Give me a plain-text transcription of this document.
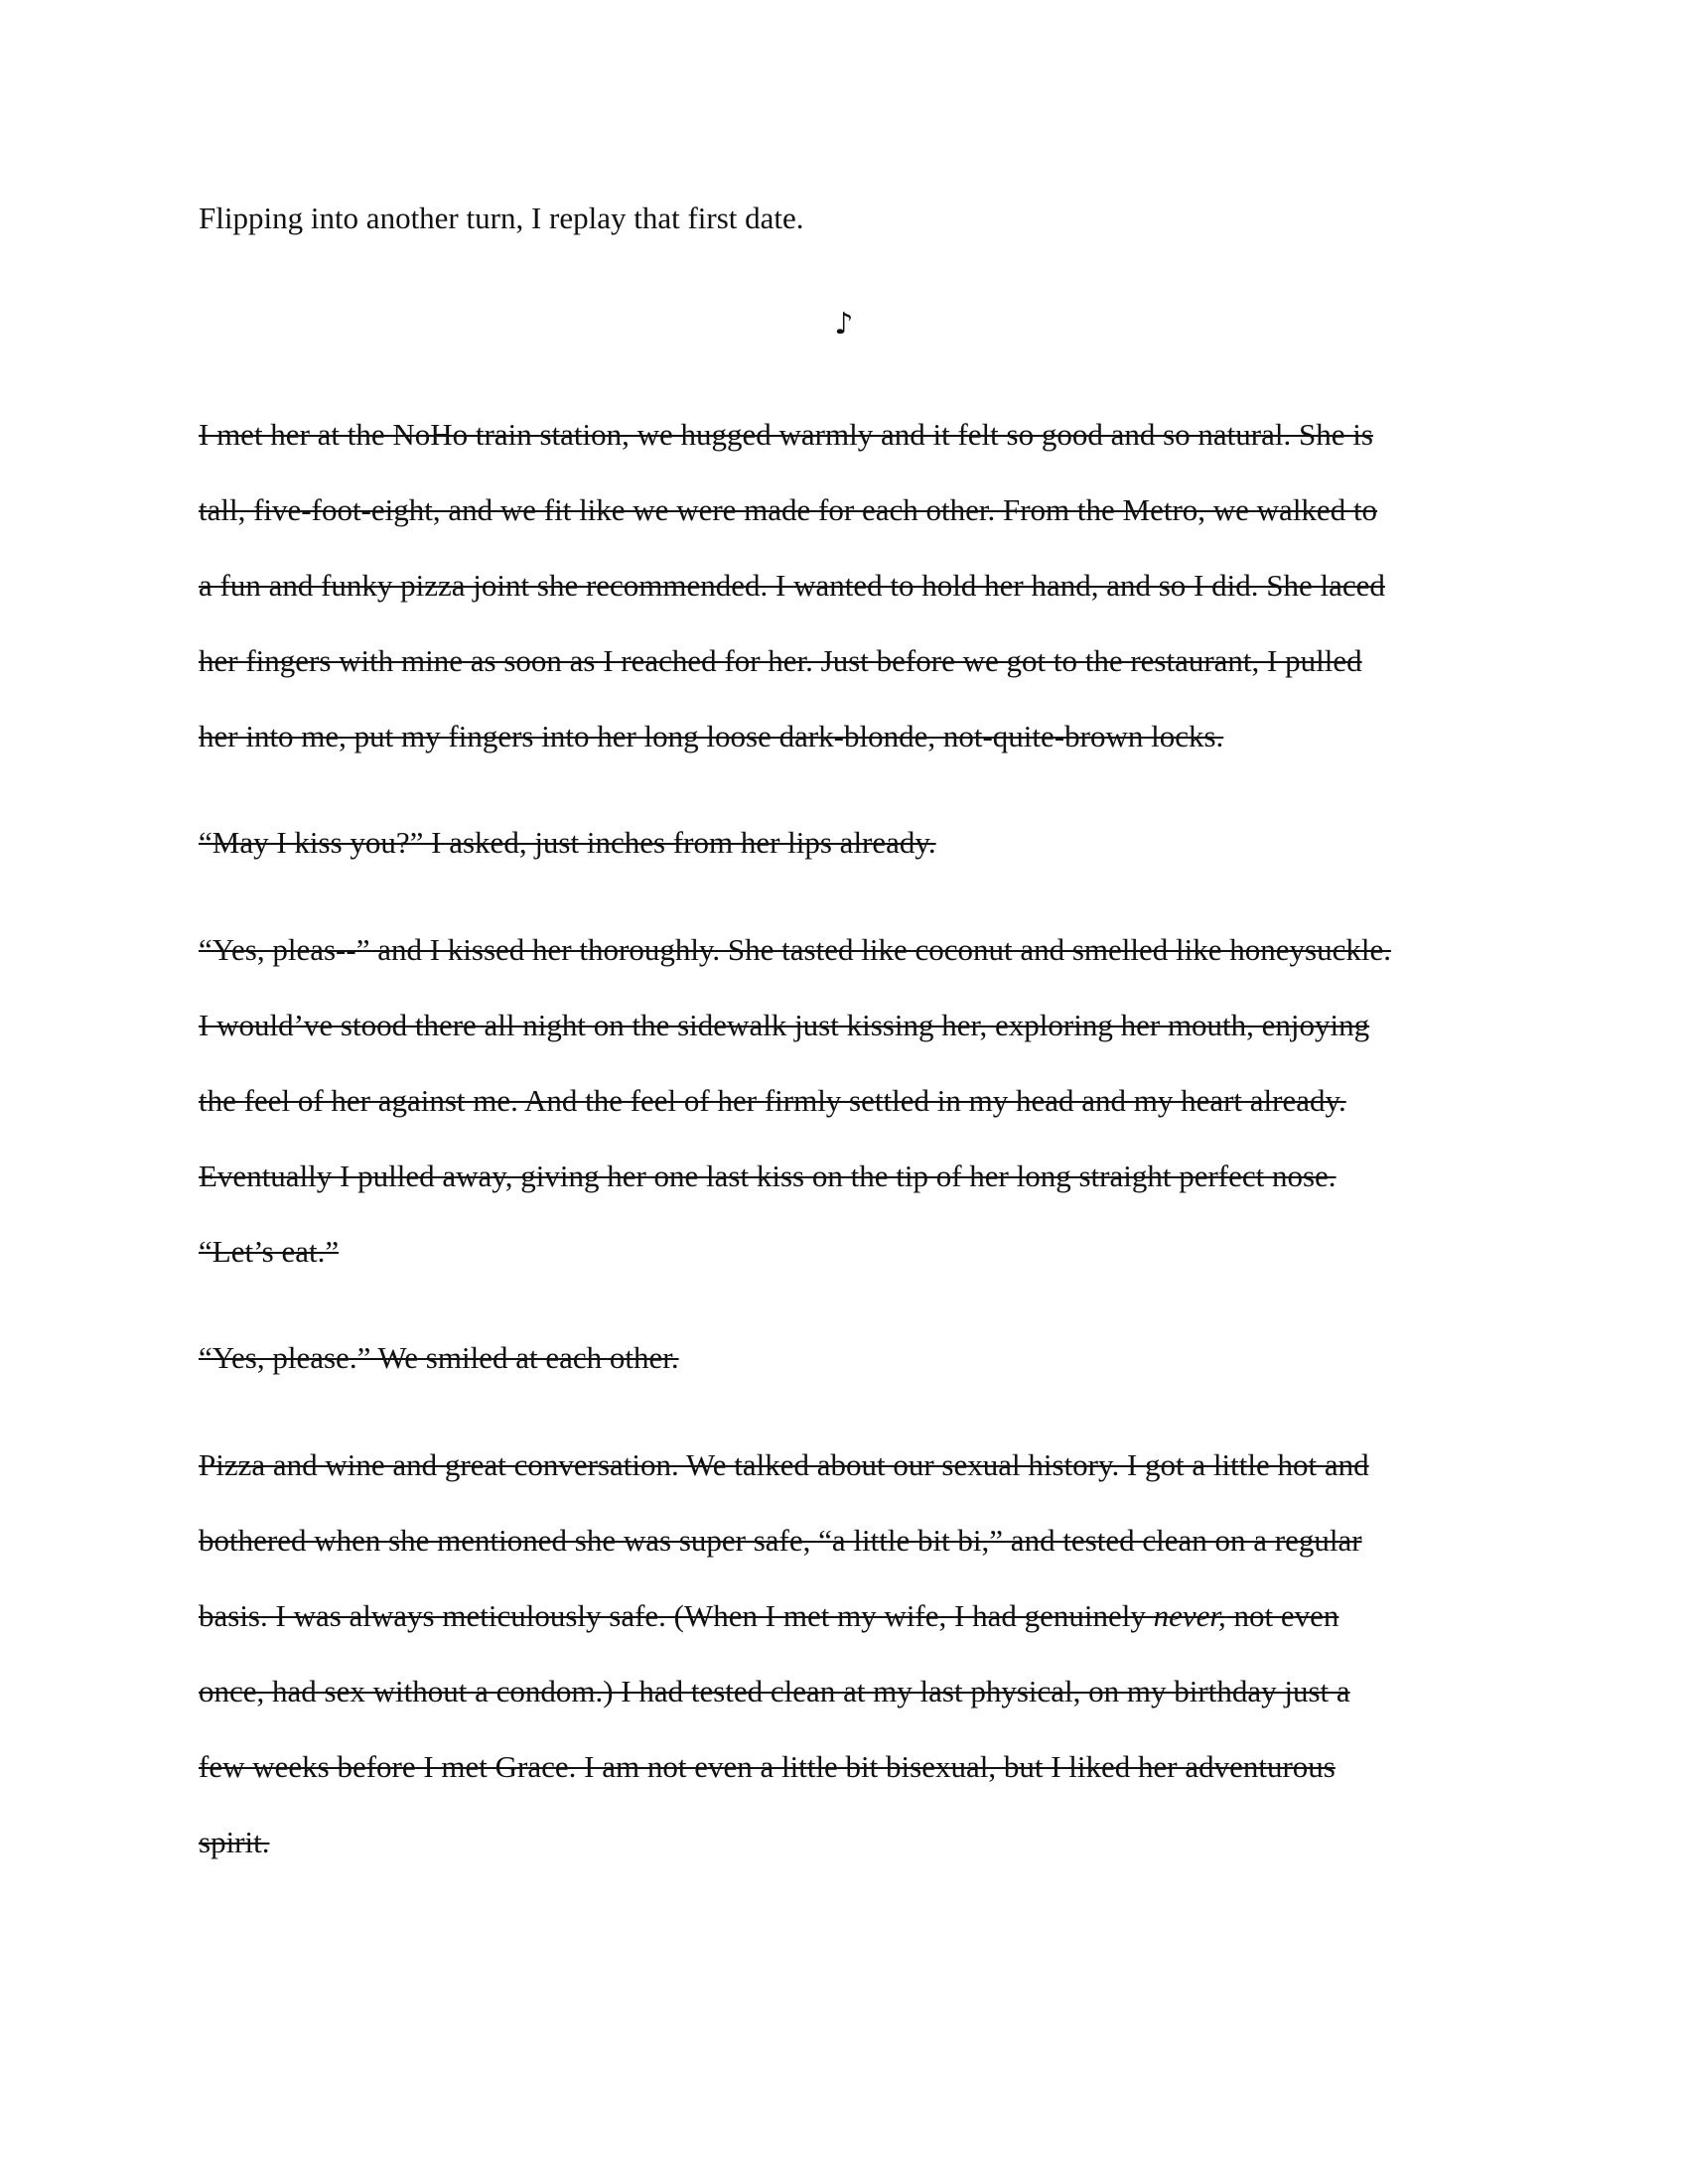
Flipping into another turn, I replay that first date.

♪

I met her at the NoHo train station, we hugged warmly and it felt so good and so natural. She is

tall, five-foot-eight, and we fit like we were made for each other. From the Metro, we walked to

a fun and funky pizza joint she recommended. I wanted to hold her hand, and so I did. She laced

her fingers with mine as soon as I reached for her. Just before we got to the restaurant, I pulled

her into me, put my fingers into her long loose dark-blonde, not-quite-brown locks.

“May I kiss you?” I asked, just inches from her lips already.

“Yes, pleas--” and I kissed her thoroughly. She tasted like coconut and smelled like honeysuckle.

I would’ve stood there all night on the sidewalk just kissing her, exploring her mouth, enjoying

the feel of her against me. And the feel of her firmly settled in my head and my heart already.

Eventually I pulled away, giving her one last kiss on the tip of her long straight perfect nose.

“Let’s eat.”

“Yes, please.” We smiled at each other.

Pizza and wine and great conversation. We talked about our sexual history. I got a little hot and

bothered when she mentioned she was super safe, “a little bit bi,” and tested clean on a regular

basis. I was always meticulously safe. (When I met my wife, I had genuinely never, not even

once, had sex without a condom.) I had tested clean at my last physical, on my birthday just a

few weeks before I met Grace. I am not even a little bit bisexual, but I liked her adventurous

spirit.
